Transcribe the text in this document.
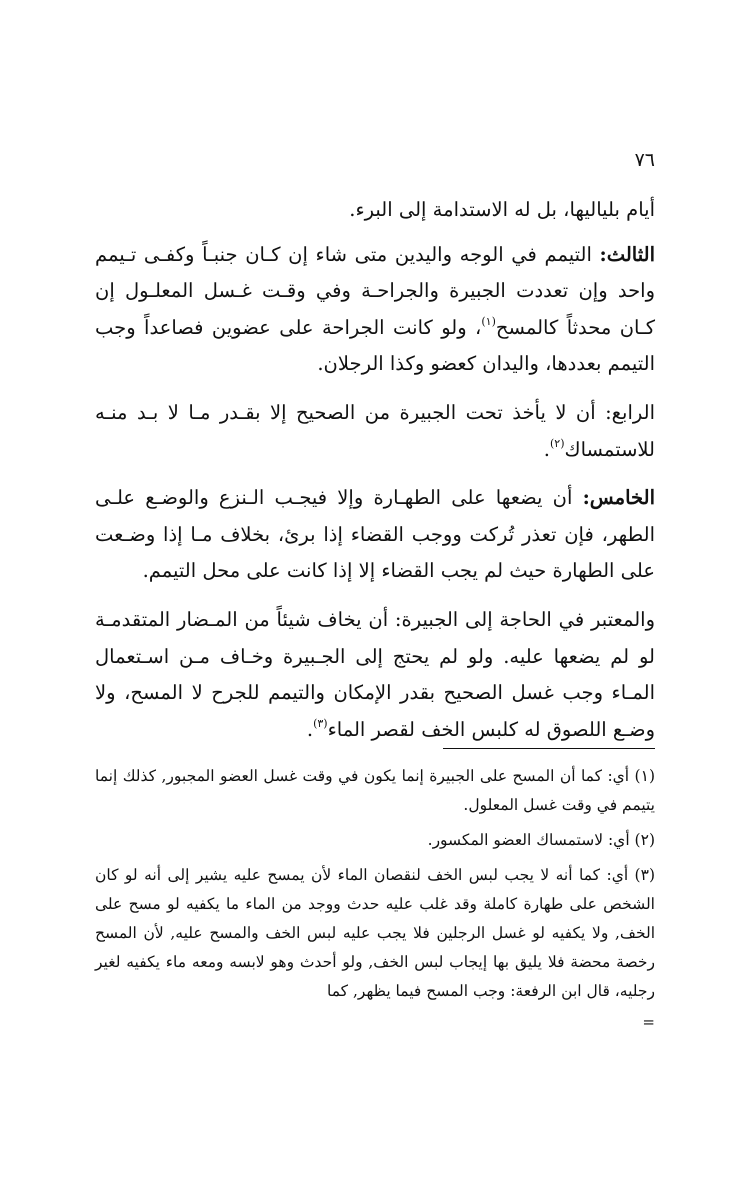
٧٦

أيام بلياليها، بل له الاستدامة إلى البرء.

الثالث: التيمم في الوجه واليدين متى شاء إن كـان جنبـاً وكفـى تـيمم واحد وإن تعددت الجبيرة والجراحـة وفي وقـت غـسل المعلـول إن كـان محدثاً كالمسح$^{(١)}$، ولو كانت الجراحة على عضوين فصاعداً وجب التيمم بعددها، واليدان كعضو وكذا الرجلان.

الرابع: أن لا يأخذ تحت الجبيرة من الصحيح إلا بقـدر مـا لا بـد منـه للاستمساك$^{(٢)}$.

الخامس: أن يضعها على الطهـارة وإلا فيجـب الـنزع والوضـع علـى الطهر، فإن تعذر تُركت ووجب القضاء إذا برئ، بخلاف مـا إذا وضـعت على الطهارة حيث لم يجب القضاء إلا إذا كانت على محل التيمم.

والمعتبر في الحاجة إلى الجبيرة: أن يخاف شيئاً من المـضار المتقدمـة لو لم يضعها عليه. ولو لم يحتج إلى الجـبيرة وخـاف مـن اسـتعمال المـاء وجب غسل الصحيح بقدر الإمكان والتيمم للجرح لا المسح، ولا وضـع اللصوق له كلبس الخف لقصر الماء$^{(٣)}$.

(١) أي: كما أن المسح على الجبيرة إنما يكون في وقت غسل العضو المجبور, كذلك إنما يتيمم في وقت غسل المعلول.

(٢) أي: لاستمساك العضو المكسور.

(٣) أي: كما أنه لا يجب لبس الخف لنقصان الماء لأن يمسح عليه يشير إلى أنه لو كان الشخص على طهارة كاملة وقد غلب عليه حدث ووجد من الماء ما يكفيه لو مسح على الخف, ولا يكفيه لو غسل الرجلين فلا يجب عليه لبس الخف والمسح عليه, لأن المسح رخصة محضة فلا يليق بها إيجاب لبس الخف, ولو أحدث وهو لابسه ومعه ماء يكفيه لغير رجليه، قال ابن الرفعة: وجب المسح فيما يظهر, كما

=
